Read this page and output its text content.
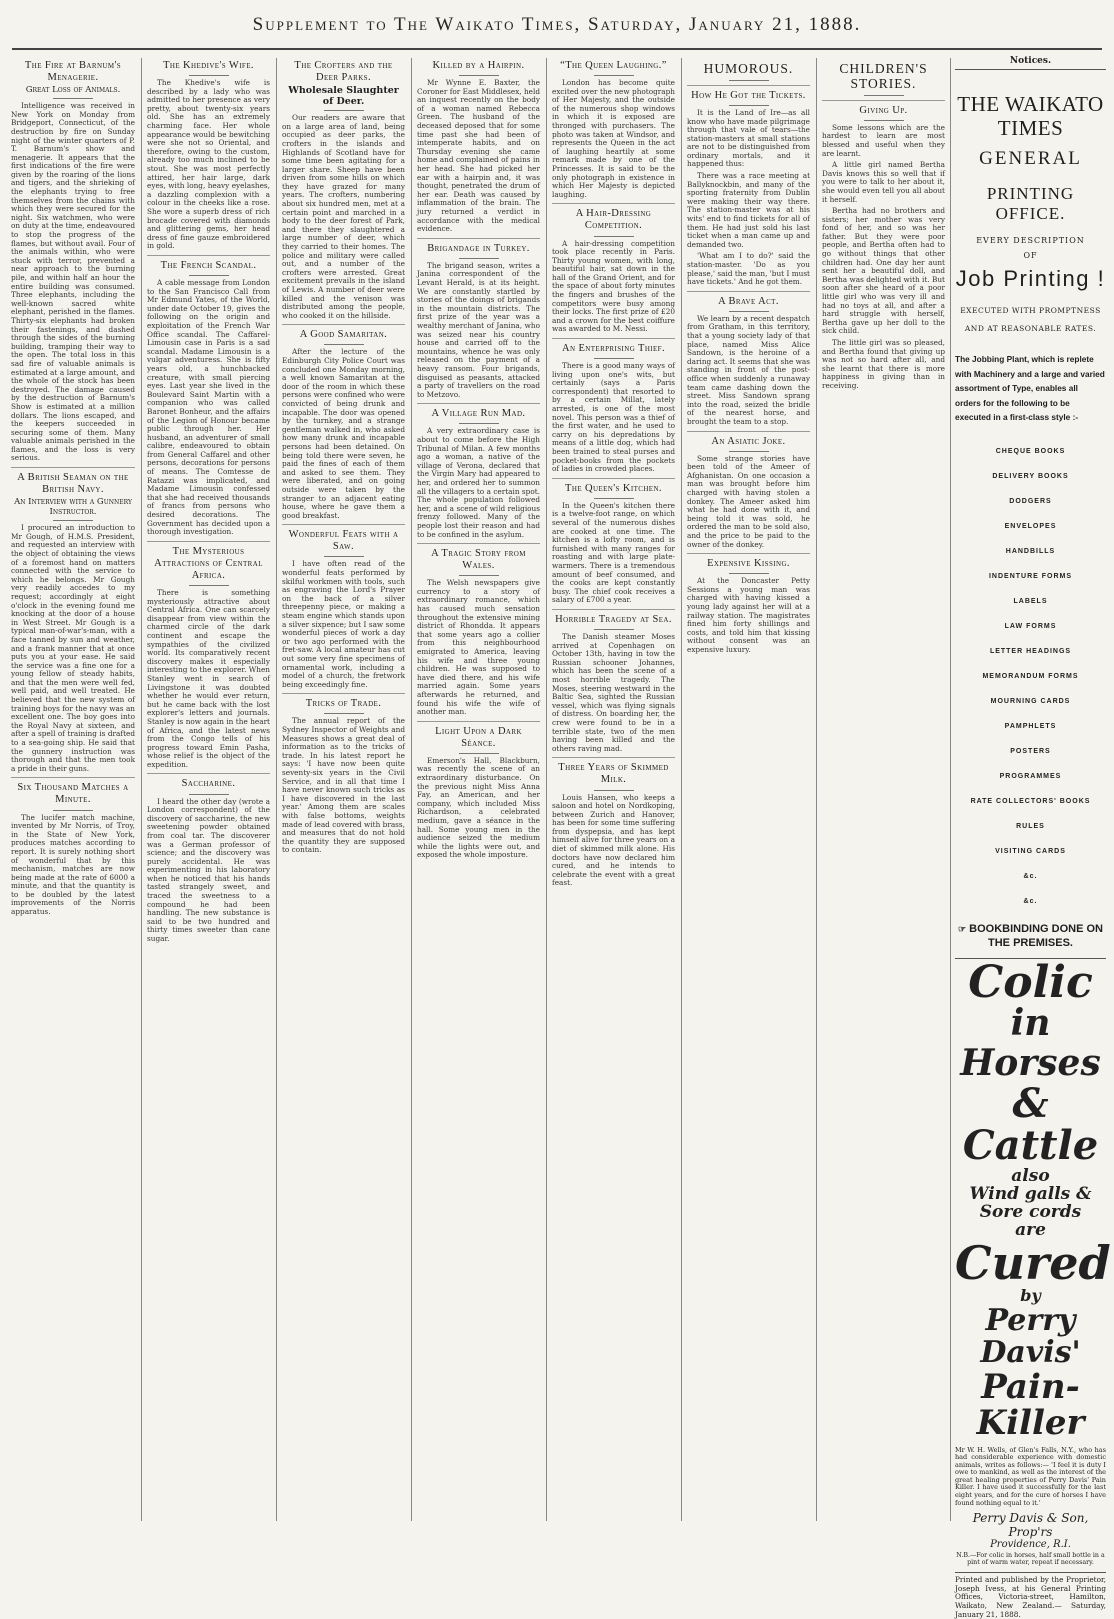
Supplement to The Waikato Times, Saturday, January 21, 1888.
The Fire at Barnum's Menagerie.
Great Loss of Animals.

Intelligence was received in New York on Monday from Bridgeport, Connecticut, of the destruction by fire on Sunday night of the winter quarters of P. T. Barnum's show and menagerie. It appears that the first indications of the fire were given by the roaring of the lions and tigers, and the shrieking of the elephants trying to free themselves from the chains with which they were secured for the night. Six watchmen, who were on duty at the time, endeavoured to stop the progress of the flames, but without avail. Four of the animals within, who were stuck with terror, prevented a near approach to the burning pile, and within half an hour the entire building was consumed. Three elephants, including the well-known sacred white elephant, perished in the flames. Thirty-six elephants had broken their fastenings, and dashed through the sides of the burning building, tramping their way to the open. The total loss in this sad fire of valuable animals is estimated at a large amount, and the whole of the stock has been destroyed. The damage caused by the destruction of Barnum's Show is estimated at a million dollars. The lions escaped, and the keepers succeeded in securing some of them. Many valuable animals perished in the flames, and the loss is very serious.

A British Seaman on the British Navy.
An Interview with a Gunnery Instructor.

I procured an introduction to Mr Gough, of H.M.S. President, and requested an interview with the object of obtaining the views of a foremost hand on matters connected with the service to which he belongs. Mr Gough very readily accedes to my request; accordingly at eight o'clock in the evening found me knocking at the door of a house in West Street. Mr Gough is a typical man-of-war's-man, with a face tanned by sun and weather, and a frank manner that at once puts you at your ease. He said the service was a fine one for a young fellow of steady habits, and that the men were well fed, well paid, and well treated. He believed that the new system of training boys for the navy was an excellent one. The boy goes into the Royal Navy at sixteen, and after a spell of training is drafted to a sea-going ship. He said that the gunnery instruction was thorough and that the men took a pride in their guns.

Six Thousand Matches a Minute.

The lucifer match machine, invented by Mr Norris, of Troy, in the State of New York, produces matches according to report. It is surely nothing short of wonderful that by this mechanism, matches are now being made at the rate of 6000 a minute, and that the quantity is to be doubled by the latest improvements of the Norris apparatus.

The Khedive's Wife.

The Khedive's wife is described by a lady who was admitted to her presence as very pretty, about twenty-six years old. She has an extremely charming face. Her whole appearance would be bewitching were she not so Oriental, and therefore, owing to the custom, already too much inclined to be stout. She was most perfectly attired, her hair large, dark eyes, with long, heavy eyelashes, a dazzling complexion with a colour in the cheeks like a rose. She wore a superb dress of rich brocade covered with diamonds and glittering gems, her head dress of fine gauze embroidered in gold.

The French Scandal.

A cable message from London to the San Francisco Call from Mr Edmund Yates, of the World, under date October 19, gives the following on the origin and exploitation of the French War Office scandal. The Caffarel-Limousin case in Paris is a sad scandal. Madame Limousin is a vulgar adventuress. She is fifty years old, a hunchbacked creature, with small piercing eyes. Last year she lived in the Boulevard Saint Martin with a companion who was called Baronet Bonheur, and the affairs of the Legion of Honour became public through her. Her husband, an adventurer of small calibre, endeavoured to obtain from General Caffarel and other persons, decorations for persons of means. The Comtesse de Ratazzi was implicated, and Madame Limousin confessed that she had received thousands of francs from persons who desired decorations. The Government has decided upon a thorough investigation.

The Mysterious Attractions of Central Africa.

There is something mysteriously attractive about Central Africa. One can scarcely disappear from view within the charmed circle of the dark continent and escape the sympathies of the civilized world. Its comparatively recent discovery makes it especially interesting to the explorer. When Stanley went in search of Livingstone it was doubted whether he would ever return, but he came back with the lost explorer's letters and journals. Stanley is now again in the heart of Africa, and the latest news from the Congo tells of his progress toward Emin Pasha, whose relief is the object of the expedition.

Saccharine.

I heard the other day (wrote a London correspondent) of the discovery of saccharine, the new sweetening powder obtained from coal tar. The discoverer was a German professor of science; and the discovery was purely accidental. He was experimenting in his laboratory when he noticed that his hands tasted strangely sweet, and traced the sweetness to a compound he had been handling. The new substance is said to be two hundred and thirty times sweeter than cane sugar.

The Crofters and the Deer Parks.
Wholesale Slaughter of Deer.

Our readers are aware that on a large area of land, being occupied as deer parks, the crofters in the islands and Highlands of Scotland have for some time been agitating for a larger share. Sheep have been driven from some hills on which they have grazed for many years. The crofters, numbering about six hundred men, met at a certain point and marched in a body to the deer forest of Park, and there they slaughtered a large number of deer, which they carried to their homes. The police and military were called out, and a number of the crofters were arrested. Great excitement prevails in the island of Lewis. A number of deer were killed and the venison was distributed among the people, who cooked it on the hillside.

A Good Samaritan.

After the lecture of the Edinburgh City Police Court was concluded one Monday morning, a well known Samaritan at the door of the room in which these persons were confined who were convicted of being drunk and incapable. The door was opened by the turnkey, and a strange gentleman walked in, who asked how many drunk and incapable persons had been detained. On being told there were seven, he paid the fines of each of them and asked to see them. They were liberated, and on going outside were taken by the stranger to an adjacent eating house, where he gave them a good breakfast.

Wonderful Feats with a Saw.

I have often read of the wonderful feats performed by skilful workmen with tools, such as engraving the Lord's Prayer on the back of a silver threepenny piece, or making a steam engine which stands upon a silver sixpence; but I saw some wonderful pieces of work a day or two ago performed with the fret-saw. A local amateur has cut out some very fine specimens of ornamental work, including a model of a church, the fretwork being exceedingly fine.

Tricks of Trade.

The annual report of the Sydney Inspector of Weights and Measures shows a great deal of information as to the tricks of trade. In his latest report he says: 'I have now been quite seventy-six years in the Civil Service, and in all that time I have never known such tricks as I have discovered in the last year.' Among them are scales with false bottoms, weights made of lead covered with brass, and measures that do not hold the quantity they are supposed to contain.

Killed by a Hairpin.

Mr Wynne E. Baxter, the Coroner for East Middlesex, held an inquest recently on the body of a woman named Rebecca Green. The husband of the deceased deposed that for some time past she had been of intemperate habits, and on Thursday evening she came home and complained of pains in her head. She had picked her ear with a hairpin and, it was thought, penetrated the drum of her ear. Death was caused by inflammation of the brain. The jury returned a verdict in accordance with the medical evidence.

Brigandage in Turkey.

The brigand season, writes a Janina correspondent of the Levant Herald, is at its height. We are constantly startled by stories of the doings of brigands in the mountain districts. The first prize of the year was a wealthy merchant of Janina, who was seized near his country house and carried off to the mountains, whence he was only released on the payment of a heavy ransom. Four brigands, disguised as peasants, attacked a party of travellers on the road to Metzovo.

A Village Run Mad.

A very extraordinary case is about to come before the High Tribunal of Milan. A few months ago a woman, a native of the village of Verona, declared that the Virgin Mary had appeared to her, and ordered her to summon all the villagers to a certain spot. The whole population followed her, and a scene of wild religious frenzy followed. Many of the people lost their reason and had to be confined in the asylum.

A Tragic Story from Wales.

The Welsh newspapers give currency to a story of extraordinary romance, which has caused much sensation throughout the extensive mining district of Rhondda. It appears that some years ago a collier from this neighbourhood emigrated to America, leaving his wife and three young children. He was supposed to have died there, and his wife married again. Some years afterwards he returned, and found his wife the wife of another man.

Light Upon a Dark Séance.

Emerson's Hall, Blackburn, was recently the scene of an extraordinary disturbance. On the previous night Miss Anna Fay, an American, and her company, which included Miss Richardson, a celebrated medium, gave a séance in the hall. Some young men in the audience seized the medium while the lights were out, and exposed the whole imposture.

“The Queen Laughing.”

London has become quite excited over the new photograph of Her Majesty, and the outside of the numerous shop windows in which it is exposed are thronged with purchasers. The photo was taken at Windsor, and represents the Queen in the act of laughing heartily at some remark made by one of the Princesses. It is said to be the only photograph in existence in which Her Majesty is depicted laughing.

A Hair-Dressing Competition.

A hair-dressing competition took place recently in Paris. Thirty young women, with long, beautiful hair, sat down in the hall of the Grand Orient, and for the space of about forty minutes the fingers and brushes of the competitors were busy among their locks. The first prize of £20 and a crown for the best coiffure was awarded to M. Nessi.

An Enterprising Thief.

There is a good many ways of living upon one's wits, but certainly (says a Paris correspondent) that resorted to by a certain Millat, lately arrested, is one of the most novel. This person was a thief of the first water, and he used to carry on his depredations by means of a little dog, which had been trained to steal purses and pocket-books from the pockets of ladies in crowded places.

The Queen's Kitchen.

In the Queen's kitchen there is a twelve-foot range, on which several of the numerous dishes are cooked at one time. The kitchen is a lofty room, and is furnished with many ranges for roasting and with large plate-warmers. There is a tremendous amount of beef consumed, and the cooks are kept constantly busy. The chief cook receives a salary of £700 a year.

Horrible Tragedy at Sea.

The Danish steamer Moses arrived at Copenhagen on October 13th, having in tow the Russian schooner Johannes, which has been the scene of a most horrible tragedy. The Moses, steering westward in the Baltic Sea, sighted the Russian vessel, which was flying signals of distress. On boarding her, the crew were found to be in a terrible state, two of the men having been killed and the others raving mad.

Three Years of Skimmed Milk.

Louis Hansen, who keeps a saloon and hotel on Nordkoping, between Zurich and Hanover, has been for some time suffering from dyspepsia, and has kept himself alive for three years on a diet of skimmed milk alone. His doctors have now declared him cured, and he intends to celebrate the event with a great feast.

HUMOROUS.
How He Got the Tickets.

It is the Land of Ire—as all know who have made pilgrimage through that vale of tears—the station-masters at small stations are not to be distinguished from ordinary mortals, and it happened thus:

There was a race meeting at Ballyknockbin, and many of the sporting fraternity from Dublin were making their way there. The station-master was at his wits' end to find tickets for all of them. He had just sold his last ticket when a man came up and demanded two.

'What am I to do?' said the station-master. 'Do as you please,' said the man, 'but I must have tickets.' And he got them.

A Brave Act.

We learn by a recent despatch from Gratham, in this territory, that a young society lady of that place, named Miss Alice Sandown, is the heroine of a daring act. It seems that she was standing in front of the post-office when suddenly a runaway team came dashing down the street. Miss Sandown sprang into the road, seized the bridle of the nearest horse, and brought the team to a stop.

An Asiatic Joke.

Some strange stories have been told of the Ameer of Afghanistan. On one occasion a man was brought before him charged with having stolen a donkey. The Ameer asked him what he had done with it, and being told it was sold, he ordered the man to be sold also, and the price to be paid to the owner of the donkey.

Expensive Kissing.

At the Doncaster Petty Sessions a young man was charged with having kissed a young lady against her will at a railway station. The magistrates fined him forty shillings and costs, and told him that kissing without consent was an expensive luxury.

CHILDREN'S STORIES.
Giving Up.

Some lessons which are the hardest to learn are most blessed and useful when they are learnt.

A little girl named Bertha Davis knows this so well that if you were to talk to her about it, she would even tell you all about it herself.

Bertha had no brothers and sisters; her mother was very fond of her, and so was her father. But they were poor people, and Bertha often had to go without things that other children had. One day her aunt sent her a beautiful doll, and Bertha was delighted with it. But soon after she heard of a poor little girl who was very ill and had no toys at all, and after a hard struggle with herself, Bertha gave up her doll to the sick child.

The little girl was so pleased, and Bertha found that giving up was not so hard after all, and she learnt that there is more happiness in giving than in receiving.

Notices.
THE WAIKATO TIMES
GENERAL
PRINTING OFFICE.
EVERY DESCRIPTION
OF
Job Printing !
EXECUTED WITH PROMPTNESS
AND AT REASONABLE RATES.
The Jobbing Plant, which is replete with Machinery and a large and varied assortment of Type, enables all orders for the following to be executed in a first-class style :-
CHEQUE BOOKS
DELIVERY BOOKS
DODGERS
ENVELOPES
HANDBILLS
INDENTURE FORMS
LABELS
LAW FORMS
LETTER HEADINGS
MEMORANDUM FORMS
MOURNING CARDS
PAMPHLETS
POSTERS
PROGRAMMES
RATE COLLECTORS' BOOKS
RULES
VISITING CARDS
&c.
&c.
☞ BOOKBINDING DONE ON THE PREMISES.
Colic
in Horses
& Cattle
also
Wind galls & Sore cords
are
Cured
by
Perry Davis'
Pain-Killer
Mr W. H. Wells, of Glen's Falls, N.Y., who has had considerable experience with domestic animals, writes as follows:— 'I feel it is duty I owe to mankind, as well as the interest of the great healing properties of Perry Davis' Pain Killer. I have used it successfully for the last eight years, and for the cure of horses I have found nothing equal to it.'
Perry Davis & Son, Prop'rs
Providence, R.I.
N.B.—For colic in horses, half small bottle in a pint of warm water, repeat if necessary.
Printed and published by the Proprietor, Joseph Ivess, at his General Printing Offices, Victoria-street, Hamilton, Waikato, New Zealand.— Saturday, January 21, 1888.
